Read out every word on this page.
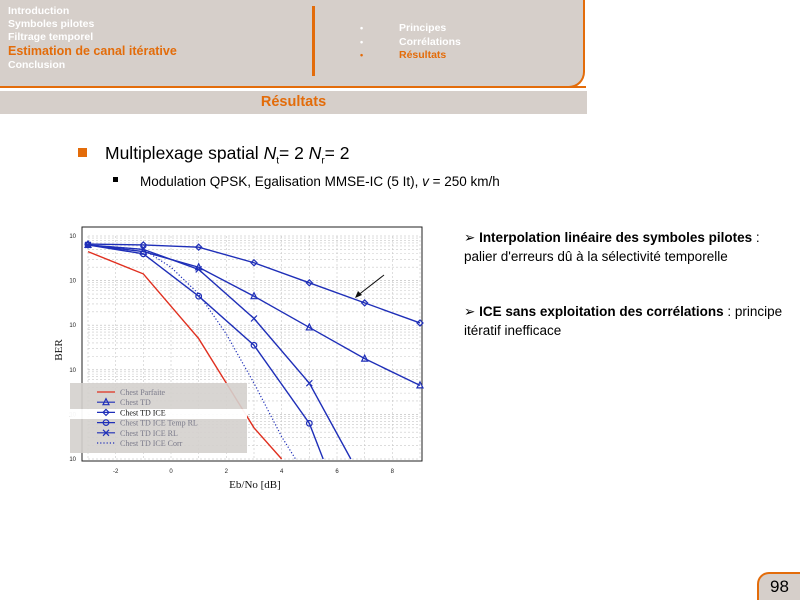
Introduction
Symboles pilotes
Filtrage temporel
Estimation de canal itérative
Conclusion
•	Principes
•	Corrélations
•	Résultats
Résultats
Multiplexage spatial $N_t= 2$ $N_r= 2$
Modulation QPSK, Egalisation MMSE-IC (5 It), v = 250 km/h
➢ Interpolation linéaire des symboles pilotes : palier d'erreurs dû à la sélectivité temporelle
➢ ICE sans exploitation des corrélations : principe itératif inefficace
10
10
10
10
10
-2	0	2	4	6	8
Eb/No [dB]
BER
Chest Parfaite
Chest TD
Chest TD ICE
Chest TD ICE Temp RL
Chest TD ICE RL
Chest TD ICE Corr
98
